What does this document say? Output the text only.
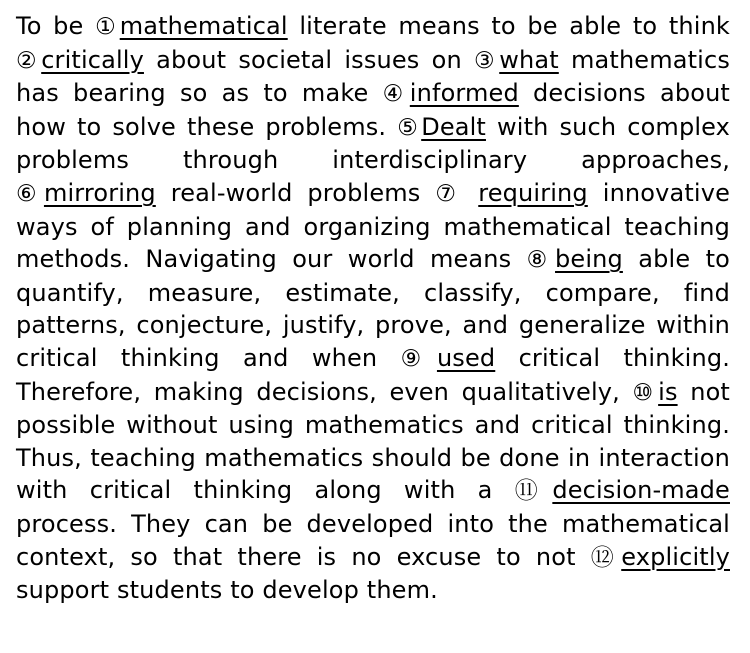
To be ①mathematical literate means to be able to think ②critically about societal issues on ③what mathematics has bearing so as to make ④informed decisions about how to solve these problems. ⑤Dealt with such complex problems through interdisciplinary approaches, ⑥mirroring real-world problems ⑦ requiring innovative ways of planning and organizing mathematical teaching methods. Navigating our world means ⑧being able to quantify, measure, estimate, classify, compare, find patterns, conjecture, justify, prove, and generalize within critical thinking and when ⑨used critical thinking. Therefore, making decisions, even qualitatively, ⑩is not possible without using mathematics and critical thinking. Thus, teaching mathematics should be done in interaction with critical thinking along with a ⑪decision-made process. They can be developed into the mathematical context, so that there is no excuse to not ⑫explicitly support students to develop them.
